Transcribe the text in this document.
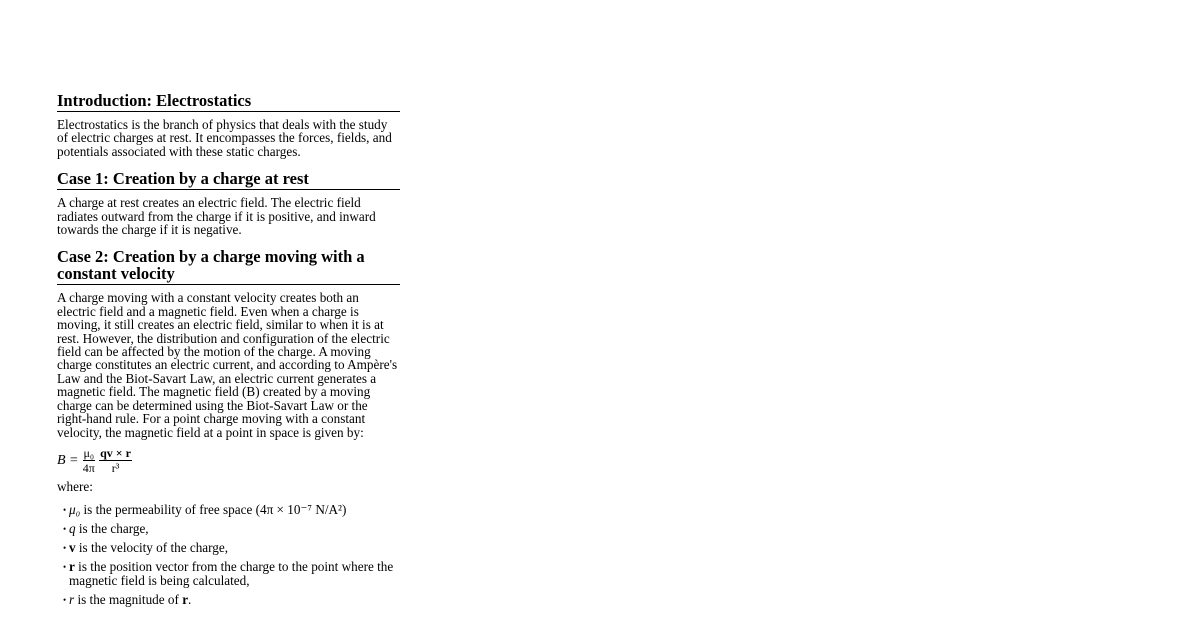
Introduction: Electrostatics

Electrostatics is the branch of physics that deals with the study of electric charges at rest. It encompasses the forces, fields, and potentials associated with these static charges.

Case 1: Creation by a charge at rest

A charge at rest creates an electric field. The electric field radiates outward from the charge if it is positive, and inward towards the charge if it is negative.

Case 2: Creation by a charge moving with a constant velocity

A charge moving with a constant velocity creates both an electric field and a magnetic field. Even when a charge is moving, it still creates an electric field, similar to when it is at rest. However, the distribution and configuration of the electric field can be affected by the motion of the charge. A moving charge constitutes an electric current, and according to Ampère's Law and the Biot-Savart Law, an electric current generates a magnetic field. The magnetic field (B) created by a moving charge can be determined using the Biot-Savart Law or the right-hand rule. For a point charge moving with a constant velocity, the magnetic field at a point in space is given by:

$B = \frac{\text{μ₀}}{4\pi} \frac{qv \times r}{\text{r³}}$
where:
• μ₀ is the permeability of free space (4π × 10⁻⁷ N/A²)
• q is the charge,
• v is the velocity of the charge,
• r is the position vector from the charge to the point where the magnetic field is being calculated,
• r is the magnitude of r.
